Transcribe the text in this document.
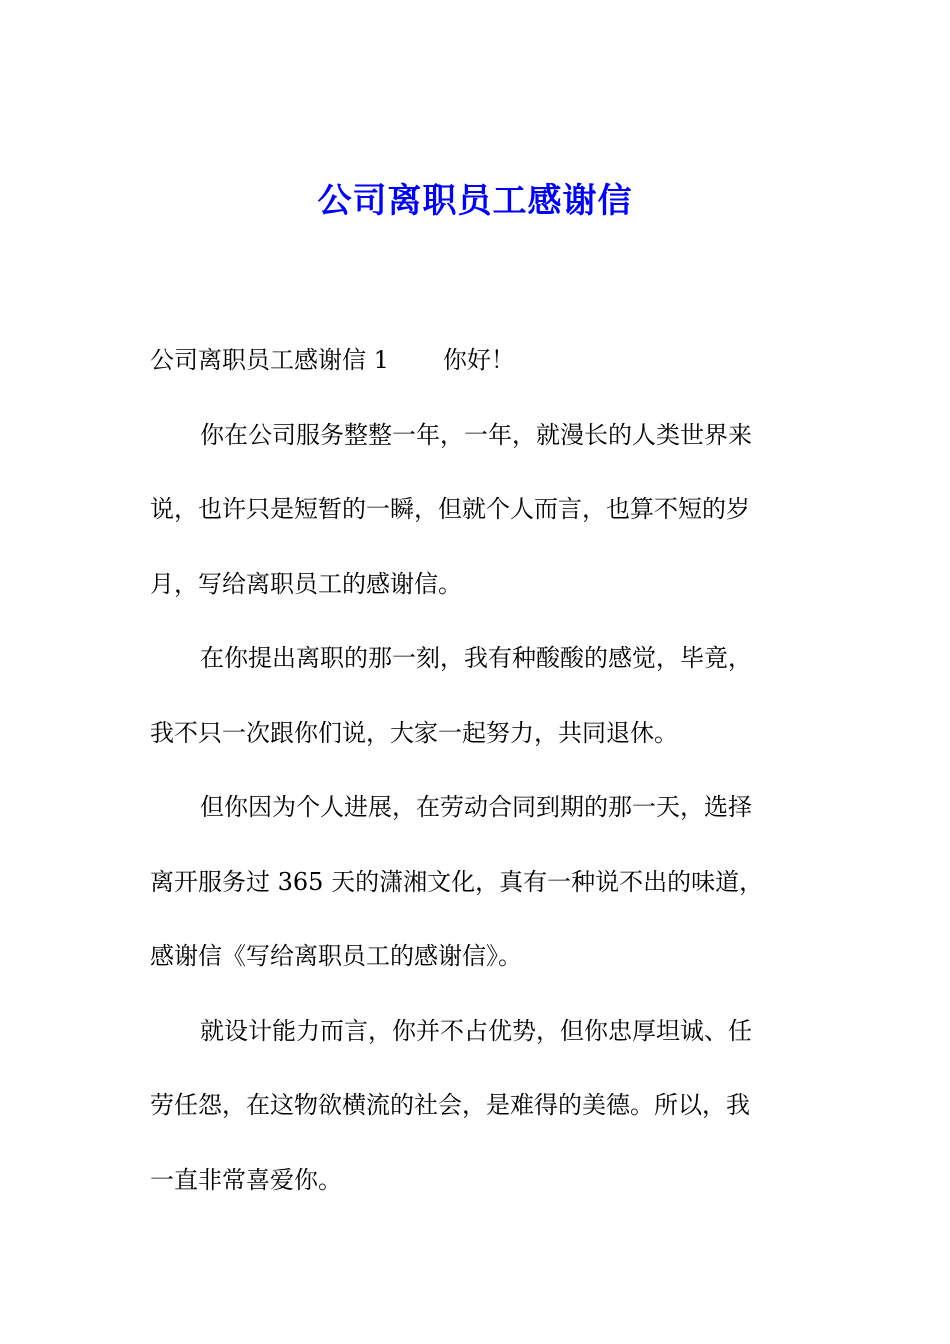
公司离职员工感谢信
公司离职员工感谢信 1 你好！
你在公司服务整整一年，一年，就漫长的人类世界来
说，也许只是短暂的一瞬，但就个人而言，也算不短的岁
月，写给离职员工的感谢信。
在你提出离职的那一刻，我有种酸酸的感觉，毕竟，
我不只一次跟你们说，大家一起努力，共同退休。
但你因为个人进展，在劳动合同到期的那一天，选择
离开服务过 365 天的潇湘文化，真有一种说不出的味道，
感谢信《写给离职员工的感谢信》。
就设计能力而言，你并不占优势，但你忠厚坦诚、任
劳任怨，在这物欲横流的社会，是难得的美德。所以，我
一直非常喜爱你。
